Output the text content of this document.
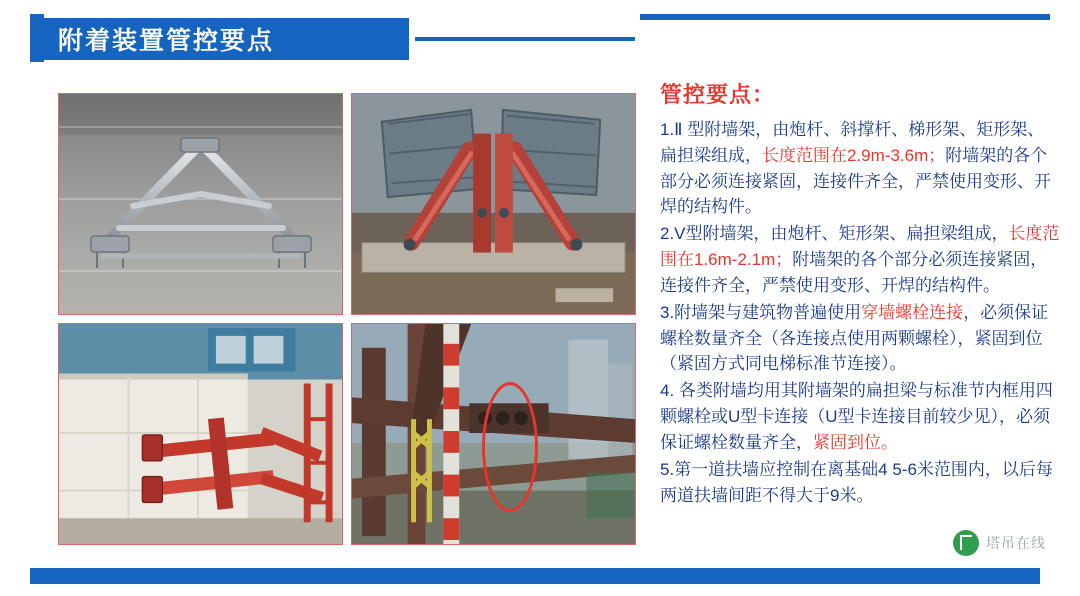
附着装置管控要点
管控要点：

1.Ⅱ 型附墙架，由炮杆、斜撑杆、梯形架、矩形架、扁担梁组成，长度范围在2.9m-3.6m；附墙架的各个部分必须连接紧固，连接件齐全，严禁使用变形、开焊的结构件。

2.V型附墙架，由炮杆、矩形架、扁担梁组成，长度范围在1.6m-2.1m；附墙架的各个部分必须连接紧固，连接件齐全，严禁使用变形、开焊的结构件。

3.附墙架与建筑物普遍使用穿墙螺栓连接，必须保证螺栓数量齐全（各连接点使用两颗螺栓），紧固到位（紧固方式同电梯标准节连接）。

4. 各类附墙均用其附墙架的扁担梁与标准节内框用四颗螺栓或U型卡连接（U型卡连接目前较少见），必须保证螺栓数量齐全，紧固到位。

5.第一道扶墙应控制在离基础4 5-6米范围内，以后每两道扶墙间距不得大于9米。

塔吊在线
